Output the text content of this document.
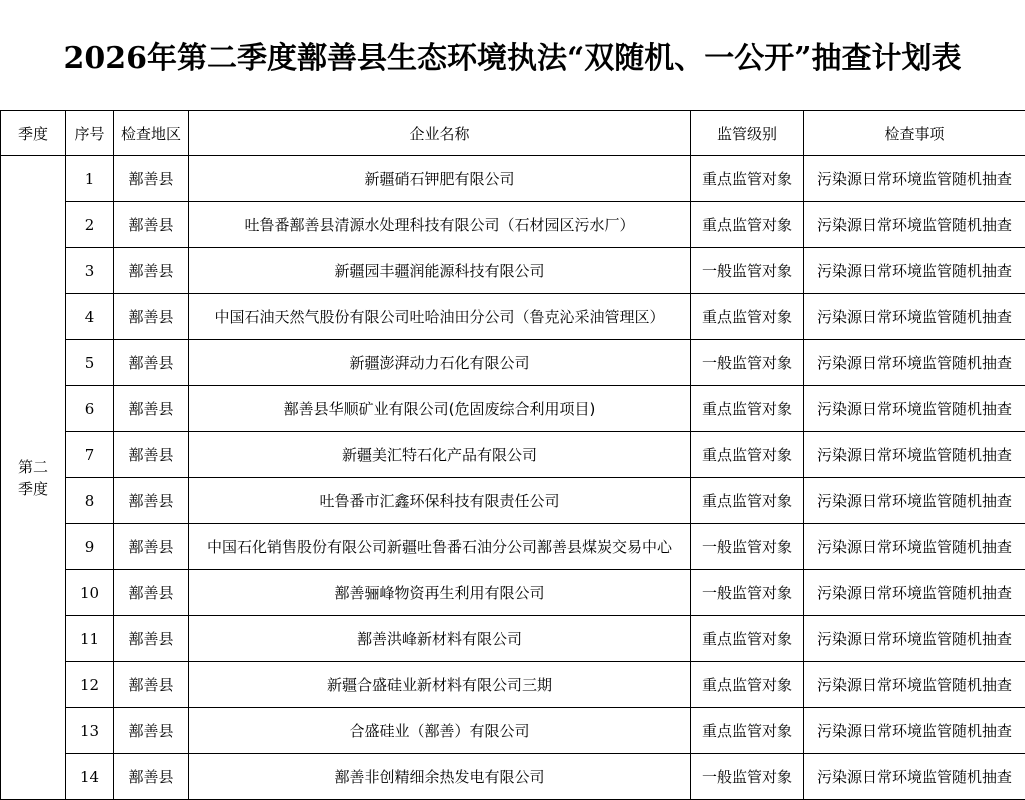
2026年第二季度鄯善县生态环境执法“双随机、一公开”抽查计划表
季度	序号	检查地区	企业名称	监管级别	检查事项
第二
季度	1	鄯善县	新疆硝石钾肥有限公司	重点监管对象	污染源日常环境监管随机抽查
	2	鄯善县	吐鲁番鄯善县清源水处理科技有限公司（石材园区污水厂）	重点监管对象	污染源日常环境监管随机抽查
	3	鄯善县	新疆园丰疆润能源科技有限公司	一般监管对象	污染源日常环境监管随机抽查
	4	鄯善县	中国石油天然气股份有限公司吐哈油田分公司（鲁克沁采油管理区）	重点监管对象	污染源日常环境监管随机抽查
	5	鄯善县	新疆澎湃动力石化有限公司	一般监管对象	污染源日常环境监管随机抽查
	6	鄯善县	鄯善县华顺矿业有限公司(危固废综合利用项目)	重点监管对象	污染源日常环境监管随机抽查
	7	鄯善县	新疆美汇特石化产品有限公司	重点监管对象	污染源日常环境监管随机抽查
	8	鄯善县	吐鲁番市汇鑫环保科技有限责任公司	重点监管对象	污染源日常环境监管随机抽查
	9	鄯善县	中国石化销售股份有限公司新疆吐鲁番石油分公司鄯善县煤炭交易中心	一般监管对象	污染源日常环境监管随机抽查
	10	鄯善县	鄯善骊峰物资再生利用有限公司	一般监管对象	污染源日常环境监管随机抽查
	11	鄯善县	鄯善洪峰新材料有限公司	重点监管对象	污染源日常环境监管随机抽查
	12	鄯善县	新疆合盛硅业新材料有限公司三期	重点监管对象	污染源日常环境监管随机抽查
	13	鄯善县	合盛硅业（鄯善）有限公司	重点监管对象	污染源日常环境监管随机抽查
	14	鄯善县	鄯善非创精细余热发电有限公司	一般监管对象	污染源日常环境监管随机抽查
